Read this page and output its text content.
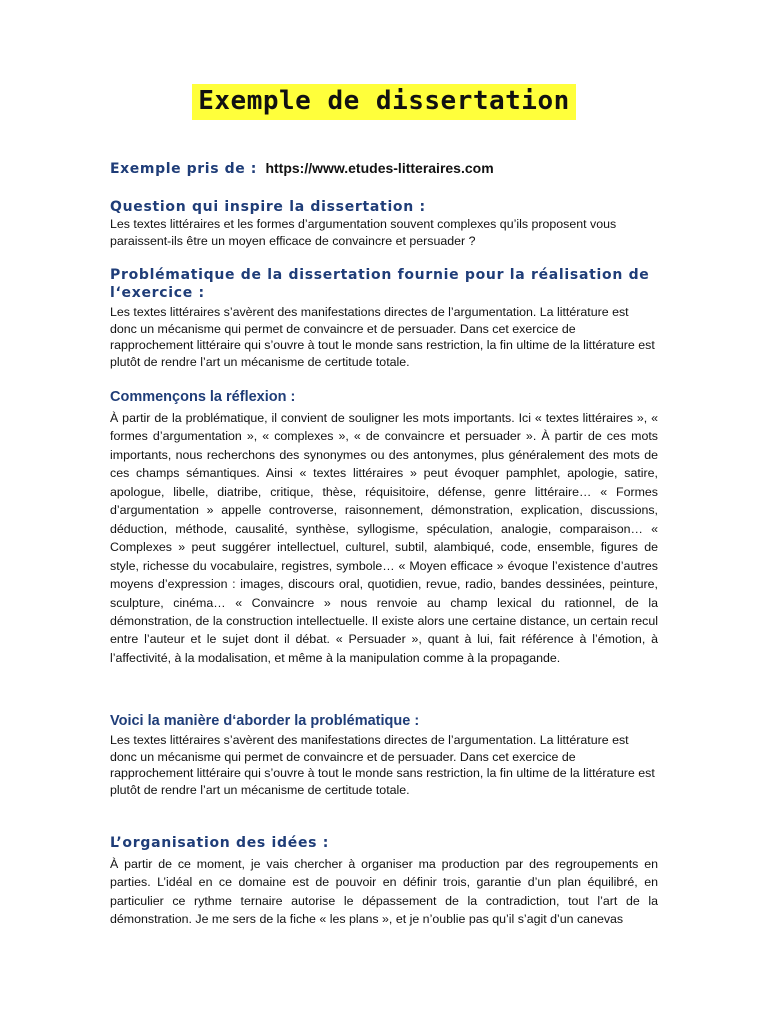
Exemple de dissertation
Exemple pris de : https://www.etudes-litteraires.com
Question qui inspire la dissertation :

Les textes littéraires et les formes d’argumentation souvent complexes qu’ils proposent vous paraissent-ils être un moyen efficace de convaincre et persuader ?

Problématique de la dissertation fournie pour la réalisation de l‘exercice :

Les textes littéraires s’avèrent des manifestations directes de l’argumentation. La littérature est donc un mécanisme qui permet de convaincre et de persuader. Dans cet exercice de rapprochement littéraire qui s’ouvre à tout le monde sans restriction, la fin ultime de la littérature est plutôt de rendre l’art un mécanisme de certitude totale.

Commençons la réflexion :

À partir de la problématique, il convient de souligner les mots importants. Ici « textes littéraires », « formes d’argumentation », « complexes », « de convaincre et persuader ». À partir de ces mots importants, nous recherchons des synonymes ou des antonymes, plus généralement des mots de ces champs sémantiques. Ainsi « textes littéraires » peut évoquer pamphlet, apologie, satire, apologue, libelle, diatribe, critique, thèse, réquisitoire, défense, genre littéraire… « Formes d’argumentation » appelle controverse, raisonnement, démonstration, explication, discussions, déduction, méthode, causalité, synthèse, syllogisme, spéculation, analogie, comparaison… « Complexes » peut suggérer intellectuel, culturel, subtil, alambiqué, code, ensemble, figures de style, richesse du vocabulaire, registres, symbole… « Moyen efficace » évoque l’existence d’autres moyens d’expression : images, discours oral, quotidien, revue, radio, bandes dessinées, peinture, sculpture, cinéma… « Convaincre » nous renvoie au champ lexical du rationnel, de la démonstration, de la construction intellectuelle. Il existe alors une certaine distance, un certain recul entre l’auteur et le sujet dont il débat. « Persuader », quant à lui, fait référence à l’émotion, à l’affectivité, à la modalisation, et même à la manipulation comme à la propagande.

Voici la manière d‘aborder la problématique :

Les textes littéraires s’avèrent des manifestations directes de l’argumentation. La littérature est donc un mécanisme qui permet de convaincre et de persuader. Dans cet exercice de rapprochement littéraire qui s’ouvre à tout le monde sans restriction, la fin ultime de la littérature est plutôt de rendre l’art un mécanisme de certitude totale.

L’organisation des idées :

À partir de ce moment, je vais chercher à organiser ma production par des regroupements en parties. L’idéal en ce domaine est de pouvoir en définir trois, garantie d’un plan équilibré, en particulier ce rythme ternaire autorise le dépassement de la contradiction, tout l’art de la démonstration. Je me sers de la fiche « les plans », et je n’oublie pas qu’il s’agit d’un canevas
